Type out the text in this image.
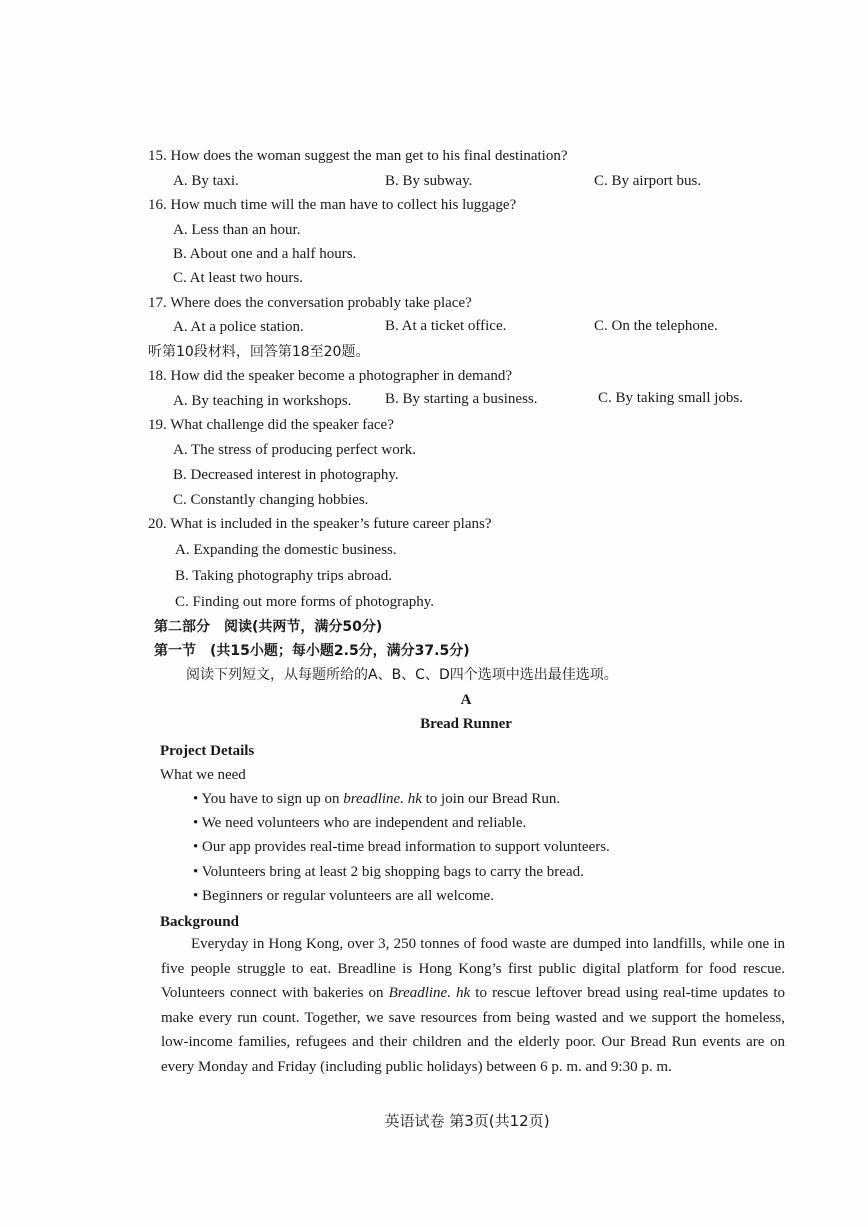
15. How does the woman suggest the man get to his final destination?
A. By taxi.	B. By subway.	C. By airport bus.
16. How much time will the man have to collect his luggage?
A. Less than an hour.
B. About one and a half hours.
C. At least two hours.
17. Where does the conversation probably take place?
A. At a police station.	B. At a ticket office.	C. On the telephone.
听第10段材料，回答第18至20题。
18. How did the speaker become a photographer in demand?
A. By teaching in workshops. B. By starting a business.	C. By taking small jobs.
19. What challenge did the speaker face?
A. The stress of producing perfect work.
B. Decreased interest in photography.
C. Constantly changing hobbies.
20. What is included in the speaker’s future career plans?
A. Expanding the domestic business.
B. Taking photography trips abroad.
C. Finding out more forms of photography.
第二部分　阅读(共两节，满分50分)
第一节　(共15小题；每小题2.5分，满分37.5分)
阅读下列短文，从每题所给的A、B、C、D四个选项中选出最佳选项。
A
Bread Runner
Project Details
What we need
• You have to sign up on breadline. hk to join our Bread Run.
• We need volunteers who are independent and reliable.
• Our app provides real-time bread information to support volunteers.
• Volunteers bring at least 2 big shopping bags to carry the bread.
• Beginners or regular volunteers are all welcome.
Background
Everyday in Hong Kong, over 3, 250 tonnes of food waste are dumped into landfills, while one in five people struggle to eat. Breadline is Hong Kong’s first public digital platform for food rescue. Volunteers connect with bakeries on Breadline. hk to rescue leftover bread using real-time updates to make every run count. Together, we save resources from being wasted and we support the homeless, low-income families, refugees and their children and the elderly poor. Our Bread Run events are on every Monday and Friday (including public holidays) between 6 p. m. and 9:30 p. m.
英语试卷 第3页(共12页)
